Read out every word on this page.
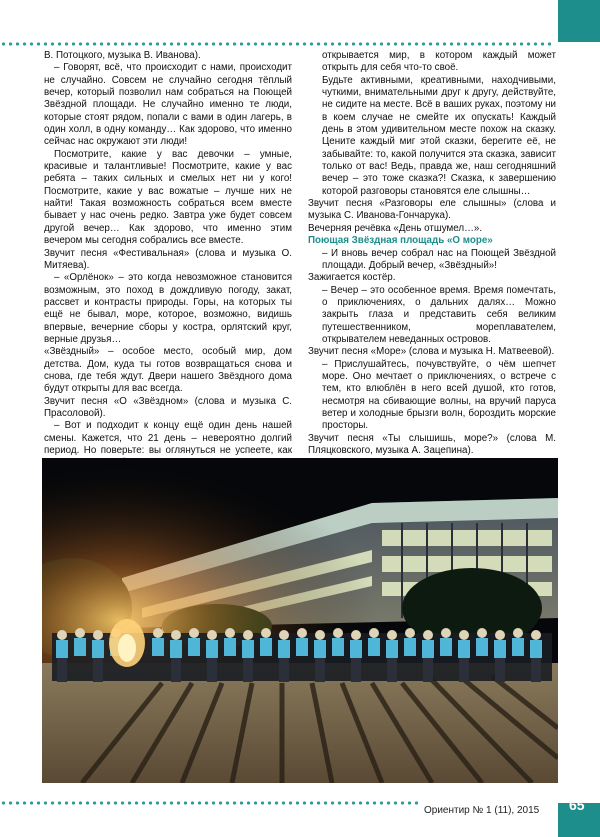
В. Потоцкого, музыка В. Иванова).

– Говорят, всё, что происходит с нами, происходит не случайно. Совсем не случайно сегодня тёплый вечер, который позволил нам собраться на Поющей Звёздной площади. Не случайно именно те люди, которые стоят рядом, попали с вами в один лагерь, в один холл, в одну команду… Как здорово, что именно сейчас нас окружают эти люди!

Посмотрите, какие у вас девочки – умные, красивые и талантливые! Посмотрите, какие у вас ребята – таких сильных и смелых нет ни у кого! Посмотрите, какие у вас вожатые – лучше них не найти! Такая возможность собраться всем вместе бывает у нас очень редко. Завтра уже будет совсем другой вечер… Как здорово, что именно этим вечером мы сегодня собрались все вместе.

Звучит песня «Фестивальная» (слова и музыка О. Митяева).

– «Орлёнок» – это когда невозможное становится возможным, это поход в дождливую погоду, закат, рассвет и контрасты природы. Горы, на которых ты ещё не бывал, море, которое, возможно, видишь впервые, вечерние сборы у костра, орлятский круг, верные друзья…

«Звёздный» – особое место, особый мир, дом детства. Дом, куда ты готов возвращаться снова и снова, где тебя ждут. Двери нашего Звёздного дома будут открыты для вас всегда.

Звучит песня «О «Звёздном» (слова и музыка С. Прасоловой).

– Вот и подходит к концу ещё один день нашей смены. Кажется, что 21 день – невероятно долгий период. Но поверьте: вы оглянуться не успеете, как

открывается мир, в котором каждый может открыть для себя что-то своё.

Будьте активными, креативными, находчивыми, чуткими, внимательными друг к другу, действуйте, не сидите на месте. Всё в ваших руках, поэтому ни в коем случае не смейте их опускать! Каждый день в этом удивительном месте похож на сказку. Цените каждый миг этой сказки, берегите её, не забывайте: то, какой получится эта сказка, зависит только от вас! Ведь, правда же, наш сегодняшний вечер – это тоже сказка?! Сказка, к завершению которой разговоры становятся еле слышны…

Звучит песня «Разговоры еле слышны» (слова и музыка С. Иванова-Гончарука).

Вечерняя речёвка «День отшумел…».

Поющая Звёздная площадь «О море»

– И вновь вечер собрал нас на Поющей Звёздной площади. Добрый вечер, «Звёздный»!

Зажигается костёр.

– Вечер – это особенное время. Время помечтать, о приключениях, о дальних далях… Можно закрыть глаза и представить себя великим путешественником, мореплавателем, открывателем неведанных островов.

Звучит песня «Море» (слова и музыка Н. Матвеевой).

– Прислушайтесь, почувствуйте, о чём шепчет море. Оно мечтает о приключениях, о встрече с тем, кто влюблён в него всей душой, кто готов, несмотря на сбивающие волны, на вручий паруса ветер и холодные брызги волн, бороздить морские просторы.

Звучит песня «Ты слышишь, море?» (слова М. Пляцковского, музыка А. Зацепина).

Ориентир № 1 (11), 2015 65
